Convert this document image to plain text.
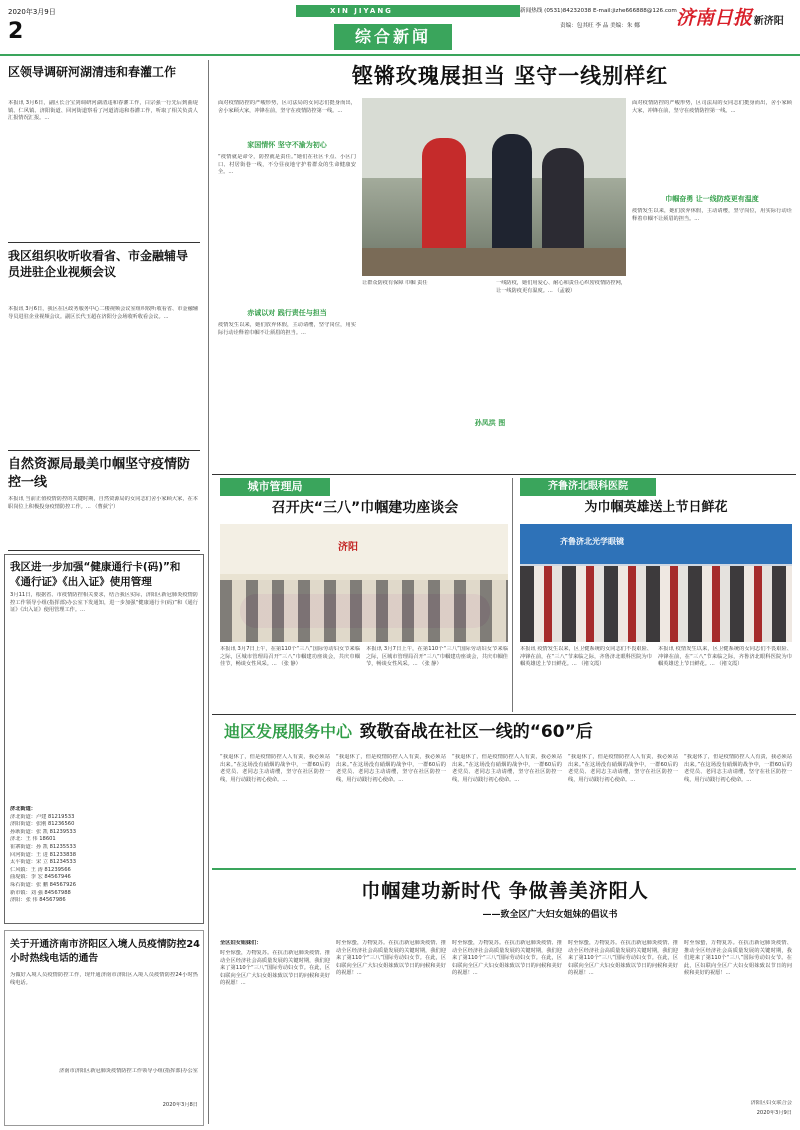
2020年3月9日
2
XIN JIYANG	新闻热线 (0531)84232038 E-mail:jizhe666888@126.com
责编：包其旺 李 品 美编：朱 娜 济南日报 新济阳
综合新闻
区领导调研河湖清违和春灌工作
本报讯 3月6日，副区长合宝剑调研河湖清违和春灌工作，白宗强一行先后到曲堤镇、仁风镇、济阳街道、回河街道察看了河道清违和春灌工作，听取了相关负责人汇报情况汇报。...
我区组织收听收看省、市金融辅导员进驻企业视频会议
本报讯 3月6日，我区在区政务服务中心二楼视频会议室组织收听收看省、市金融辅导员进驻企业视频会议。副区长代玉超在济阳分会场收听收看会议。...
自然资源局最美巾帼坚守疫情防控一线
本报讯 当前正值疫情防控的关键时期，自然资源局的女同志们舍小家顾大家，在本职岗位上积极投身疫情防控工作。... （曹荻宁）
我区进一步加强“健康通行卡(码)”和《通行证》《出入证》使用管理
3月11日，根据省、市疫情防控相关要求，结合我区实际，济阳区新冠肺炎疫情防控工作领导小组(指挥部)办公室下发通知，进一步加强“健康通行卡(码)”和《通行证》《出入证》使用管理工作。...
济北街道：
济北街道：卢建 81219533
济阳街道：张刚 81236560
孙耿街道：张 凯 81239533
济北：王 伟 18601
崔寨街道：孙 凯 81235533
回河街道：王 进 81233838
太平街道：宋 立 81234533
仁风镇：王 涛 81239566
曲堤镇：李 宏 84567946
垛石街道：张 鹏 84567926
新市镇：刘 强 84567988
济阳：张 伟 84567986
关于开通济南市济阳区入境人员疫情防控24小时热线电话的通告
为做好入境人员疫情防控工作，现开通济南市济阳区入境人员疫情防控24小时热线电话。
济南市济阳区新冠肺炎疫情防控工作领导小组(指挥部)办公室
2020年3月8日
铿锵玫瑰展担当 坚守一线别样红
面对疫情防控的严峻形势，区司法局的女同志们挺身而出，舍小家顾大家，冲锋在前，坚守在疫情防控第一线。...
家国情怀 坚守不渝为初心
“疫情就是命令，防控就是责任。”她们在社区卡点、小区门口、村居街巷一线，不分昼夜地守护着群众的生命健康安全。...
赤诚以对 践行责任与担当
疫情发生以来，她们放弃休假，主动请缨，坚守岗位，用实际行动诠释着巾帼不让须眉的担当。...
让群众防疫有保障 巾帼 责任	一线防疫，她们用爱心、耐心和责任心织密疫情防控网，让一线防疫更有温度。... （孟毅）
孙凤洪 图
面对疫情防控的严峻形势，区司法局的女同志们挺身而出，舍小家顾大家，冲锋在前，坚守在疫情防控第一线。...
巾帼奋勇 让一线防疫更有温度
疫情发生以来，她们放弃休假，主动请缨，坚守岗位，用实际行动诠释着巾帼不让须眉的担当。...
城市管理局
召开庆“三八”巾帼建功座谈会
济阳
本报讯 3月7日上午，在第110个“三八”国际劳动妇女节来临之际，区城市管理局召开“三八”巾帼建功座谈会，共庆巾帼佳节，畅谈女性风采。... （张 静）
本报讯 3月7日上午，在第110个“三八”国际劳动妇女节来临之际，区城市管理局召开“三八”巾帼建功座谈会，共庆巾帼佳节，畅谈女性风采。... （张 静）
齐鲁济北眼科医院
为巾帼英雄送上节日鲜花
齐鲁济北光学眼镜
本报讯 疫情发生以来，区卫健系统的女同志们不畏艰险、冲锋在前，在“三八”节来临之际，齐鲁济北眼科医院为巾帼英雄送上节日鲜花。... （褚文霞）
本报讯 疫情发生以来，区卫健系统的女同志们不畏艰险、冲锋在前，在“三八”节来临之际，齐鲁济北眼科医院为巾帼英雄送上节日鲜花。... （褚文霞）
迪区发展服务中心 致敬奋战在社区一线的“60”后
“我退休了，但是疫情防控人人有责，我必须站出来。”在这场没有硝烟的战争中，一群60后的老党员、老同志主动请缨，坚守在社区防控一线，用行动践行初心使命。...
“我退休了，但是疫情防控人人有责，我必须站出来。”在这场没有硝烟的战争中，一群60后的老党员、老同志主动请缨，坚守在社区防控一线，用行动践行初心使命。...
“我退休了，但是疫情防控人人有责，我必须站出来。”在这场没有硝烟的战争中，一群60后的老党员、老同志主动请缨，坚守在社区防控一线，用行动践行初心使命。...
“我退休了，但是疫情防控人人有责，我必须站出来。”在这场没有硝烟的战争中，一群60后的老党员、老同志主动请缨，坚守在社区防控一线，用行动践行初心使命。...
“我退休了，但是疫情防控人人有责，我必须站出来。”在这场没有硝烟的战争中，一群60后的老党员、老同志主动请缨，坚守在社区防控一线，用行动践行初心使命。...
巾帼建功新时代 争做善美济阳人
——致全区广大妇女姐妹的倡议书
全区妇女姐妹们：
时至惊蛰，万物复苏。在抗击新冠肺炎疫情、推动全区经济社会高质量发展的关键时期，我们迎来了第110个“三八”国际劳动妇女节。在此，区妇联向全区广大妇女姐妹致以节日的问候和美好的祝愿！...
时至惊蛰，万物复苏。在抗击新冠肺炎疫情、推动全区经济社会高质量发展的关键时期，我们迎来了第110个“三八”国际劳动妇女节。在此，区妇联向全区广大妇女姐妹致以节日的问候和美好的祝愿！...
时至惊蛰，万物复苏。在抗击新冠肺炎疫情、推动全区经济社会高质量发展的关键时期，我们迎来了第110个“三八”国际劳动妇女节。在此，区妇联向全区广大妇女姐妹致以节日的问候和美好的祝愿！...
时至惊蛰，万物复苏。在抗击新冠肺炎疫情、推动全区经济社会高质量发展的关键时期，我们迎来了第110个“三八”国际劳动妇女节。在此，区妇联向全区广大妇女姐妹致以节日的问候和美好的祝愿！...
时至惊蛰，万物复苏。在抗击新冠肺炎疫情、推动全区经济社会高质量发展的关键时期，我们迎来了第110个“三八”国际劳动妇女节。在此，区妇联向全区广大妇女姐妹致以节日的问候和美好的祝愿！...
济阳区妇女联合会
2020年3月9日
